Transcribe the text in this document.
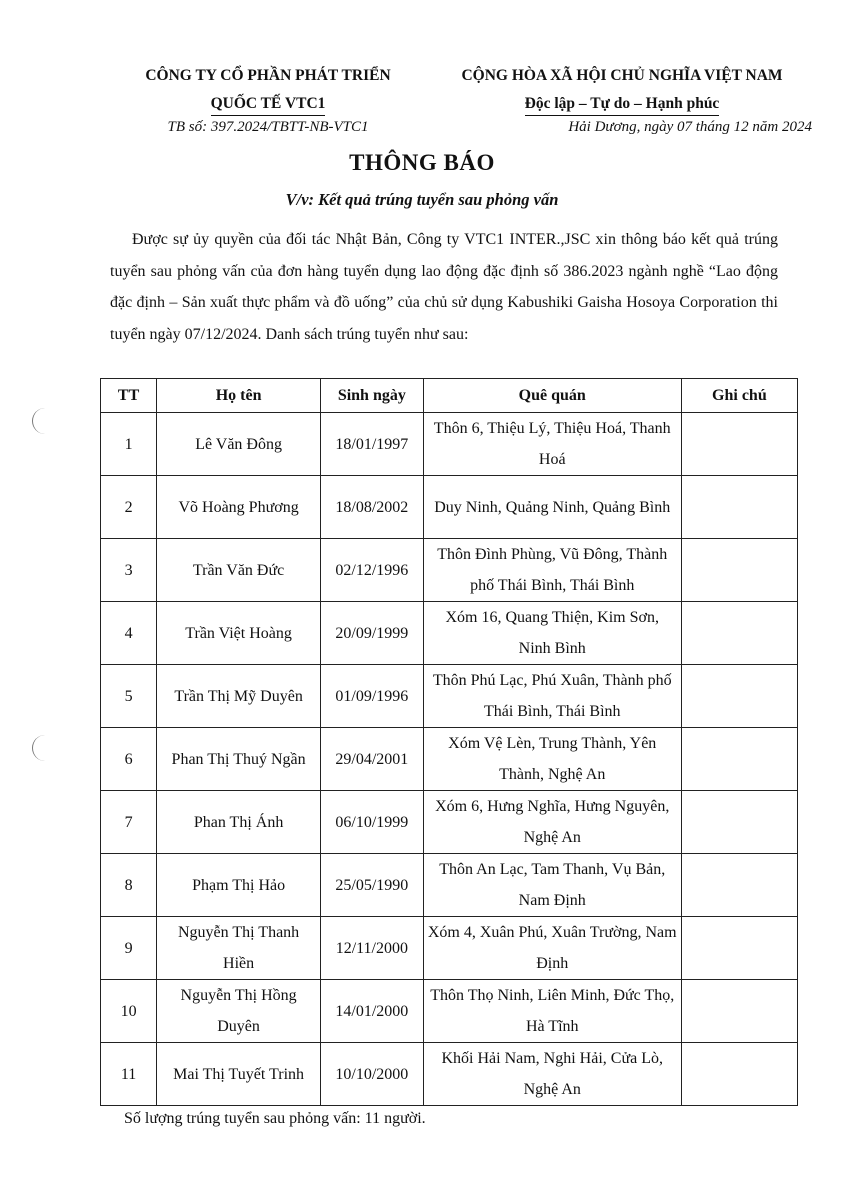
CÔNG TY CỔ PHẦN PHÁT TRIỂN
QUỐC TẾ VTC1
CỘNG HÒA XÃ HỘI CHỦ NGHĨA VIỆT NAM
Độc lập – Tự do – Hạnh phúc
TB số: 397.2024/TBTT-NB-VTC1	Hải Dương, ngày 07 tháng 12 năm 2024
THÔNG BÁO
V/v: Kết quả trúng tuyển sau phỏng vấn
Được sự ủy quyền của đối tác Nhật Bản, Công ty VTC1 INTER.,JSC xin thông báo kết quả trúng tuyển sau phỏng vấn của đơn hàng tuyển dụng lao động đặc định số 386.2023 ngành nghề “Lao động đặc định – Sản xuất thực phẩm và đồ uống” của chủ sử dụng Kabushiki Gaisha Hosoya Corporation thi tuyển ngày 07/12/2024. Danh sách trúng tuyển như sau:
TT	Họ tên	Sinh ngày	Quê quán	Ghi chú
1	Lê Văn Đông	18/01/1997	Thôn 6, Thiệu Lý, Thiệu Hoá, Thanh Hoá	
2	Võ Hoàng Phương	18/08/2002	Duy Ninh, Quảng Ninh, Quảng Bình	
3	Trần Văn Đức	02/12/1996	Thôn Đình Phùng, Vũ Đông, Thành phố Thái Bình, Thái Bình	
4	Trần Việt Hoàng	20/09/1999	Xóm 16, Quang Thiện, Kim Sơn, Ninh Bình	
5	Trần Thị Mỹ Duyên	01/09/1996	Thôn Phú Lạc, Phú Xuân, Thành phố Thái Bình, Thái Bình	
6	Phan Thị Thuý Ngần	29/04/2001	Xóm Vệ Lèn, Trung Thành, Yên Thành, Nghệ An	
7	Phan Thị Ánh	06/10/1999	Xóm 6, Hưng Nghĩa, Hưng Nguyên, Nghệ An	
8	Phạm Thị Hảo	25/05/1990	Thôn An Lạc, Tam Thanh, Vụ Bản, Nam Định	
9	Nguyễn Thị Thanh Hiền	12/11/2000	Xóm 4, Xuân Phú, Xuân Trường, Nam Định	
10	Nguyễn Thị Hồng Duyên	14/01/2000	Thôn Thọ Ninh, Liên Minh, Đức Thọ, Hà Tĩnh	
11	Mai Thị Tuyết Trinh	10/10/2000	Khối Hải Nam, Nghi Hải, Cửa Lò, Nghệ An	
Số lượng trúng tuyển sau phỏng vấn: 11 người.
